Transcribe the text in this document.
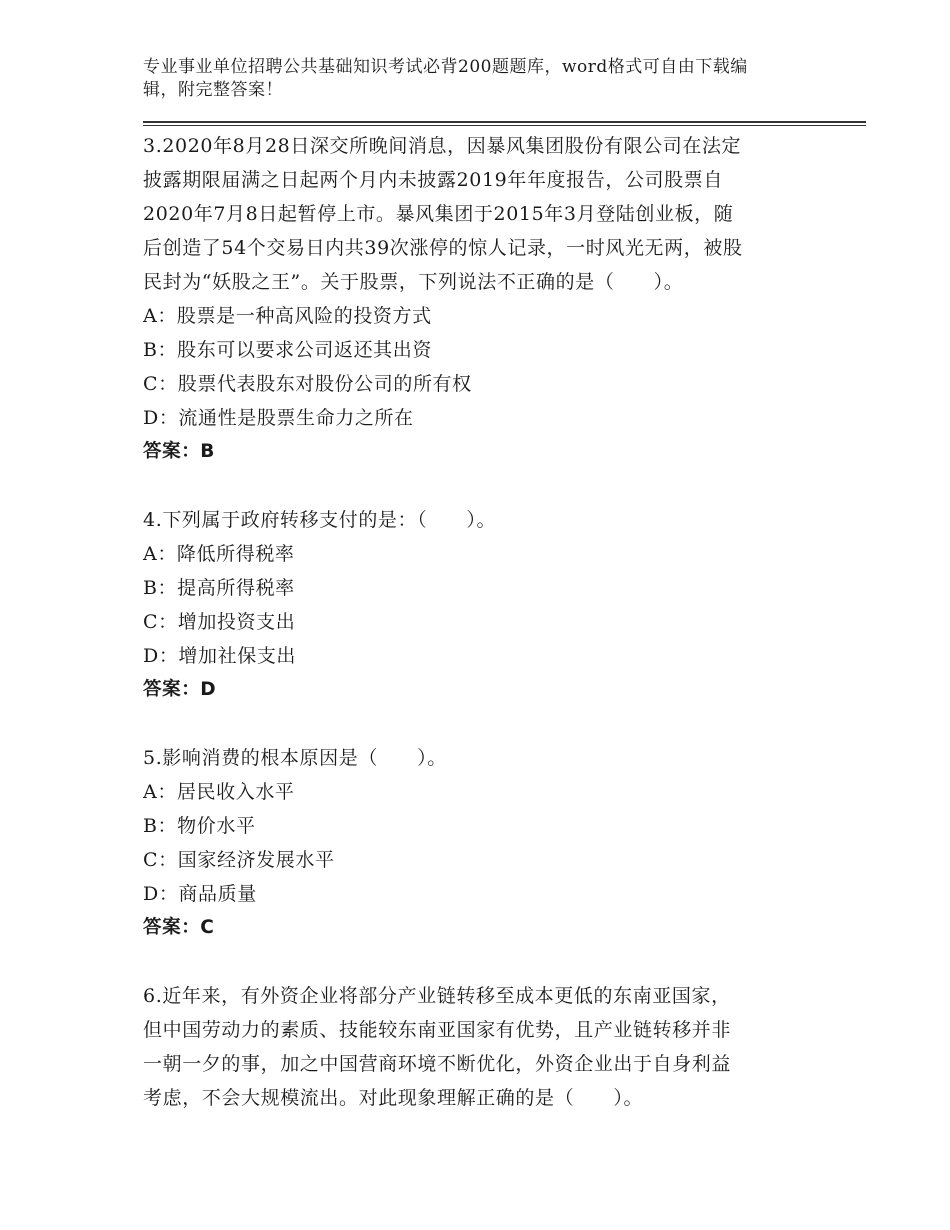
专业事业单位招聘公共基础知识考试必背200题题库，word格式可自由下载编
辑，附完整答案！

3.2020年8月28日深交所晚间消息，因暴风集团股份有限公司在法定

披露期限届满之日起两个月内未披露2019年年度报告，公司股票自

2020年7月8日起暂停上市。暴风集团于2015年3月登陆创业板，随

后创造了54个交易日内共39次涨停的惊人记录，一时风光无两，被股

民封为“妖股之王”。关于股票，下列说法不正确的是（　　）。

A：股票是一种高风险的投资方式

B：股东可以要求公司返还其出资

C：股票代表股东对股份公司的所有权

D：流通性是股票生命力之所在

答案：B

4.下列属于政府转移支付的是：（　　）。

A：降低所得税率

B：提高所得税率

C：增加投资支出

D：增加社保支出

答案：D

5.影响消费的根本原因是（　　）。

A：居民收入水平

B：物价水平

C：国家经济发展水平

D：商品质量

答案：C

6.近年来，有外资企业将部分产业链转移至成本更低的东南亚国家，

但中国劳动力的素质、技能较东南亚国家有优势，且产业链转移并非

一朝一夕的事，加之中国营商环境不断优化，外资企业出于自身利益

考虑，不会大规模流出。对此现象理解正确的是（　　）。
